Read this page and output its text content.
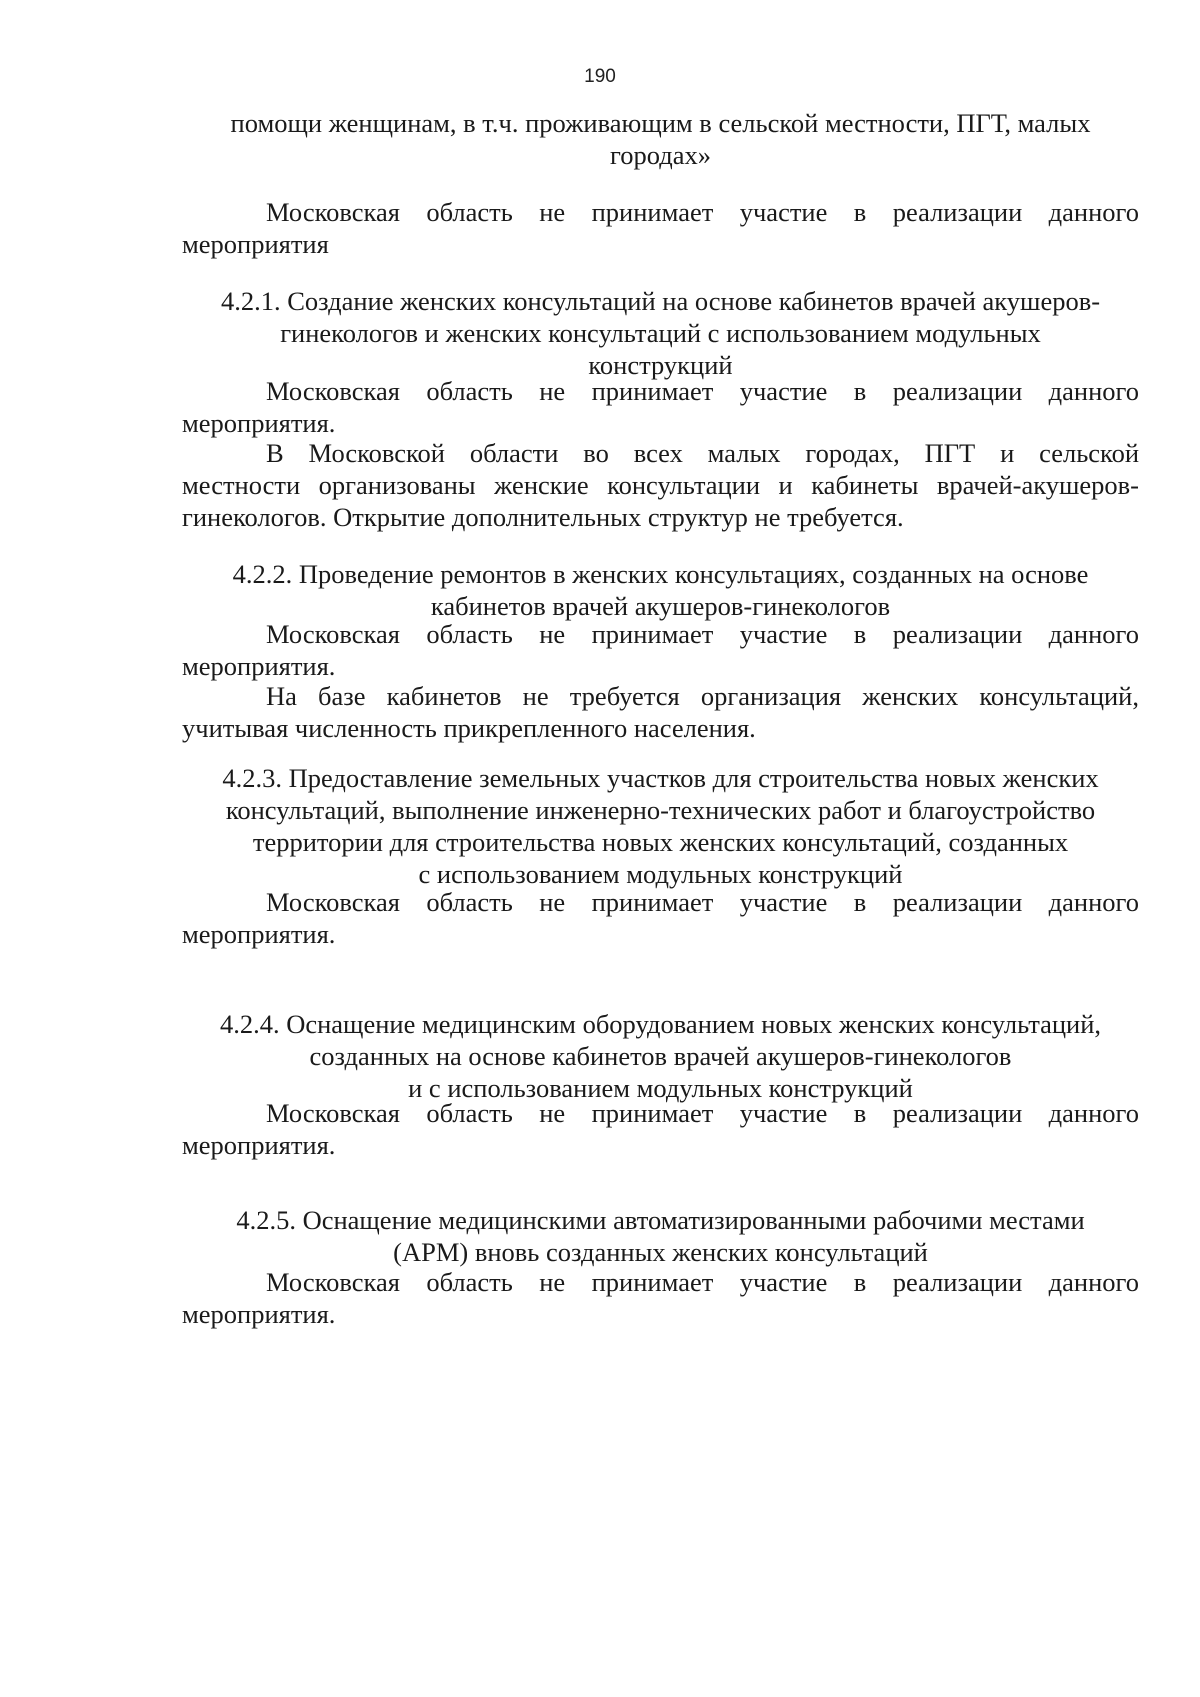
190
помощи женщинам, в т.ч. проживающим в сельской местности, ПГТ, малых
городах»
Московская область не принимает участие в реализации данного
мероприятия
4.2.1. Создание женских консультаций на основе кабинетов врачей акушеров-
гинекологов и женских консультаций с использованием модульных
конструкций
Московская область не принимает участие в реализации данного
мероприятия.
В Московской области во всех малых городах, ПГТ и сельской
местности организованы женские консультации и кабинеты врачей-акушеров-
гинекологов. Открытие дополнительных структур не требуется.
4.2.2. Проведение ремонтов в женских консультациях, созданных на основе
кабинетов врачей акушеров-гинекологов
Московская область не принимает участие в реализации данного
мероприятия.
На базе кабинетов не требуется организация женских консультаций,
учитывая численность прикрепленного населения.
4.2.3. Предоставление земельных участков для строительства новых женских
консультаций, выполнение инженерно-технических работ и благоустройство
территории для строительства новых женских консультаций, созданных
с использованием модульных конструкций
Московская область не принимает участие в реализации данного
мероприятия.
4.2.4. Оснащение медицинским оборудованием новых женских консультаций,
созданных на основе кабинетов врачей акушеров-гинекологов
и с использованием модульных конструкций
Московская область не принимает участие в реализации данного
мероприятия.
4.2.5. Оснащение медицинскими автоматизированными рабочими местами
(АРМ) вновь созданных женских консультаций
Московская область не принимает участие в реализации данного
мероприятия.
